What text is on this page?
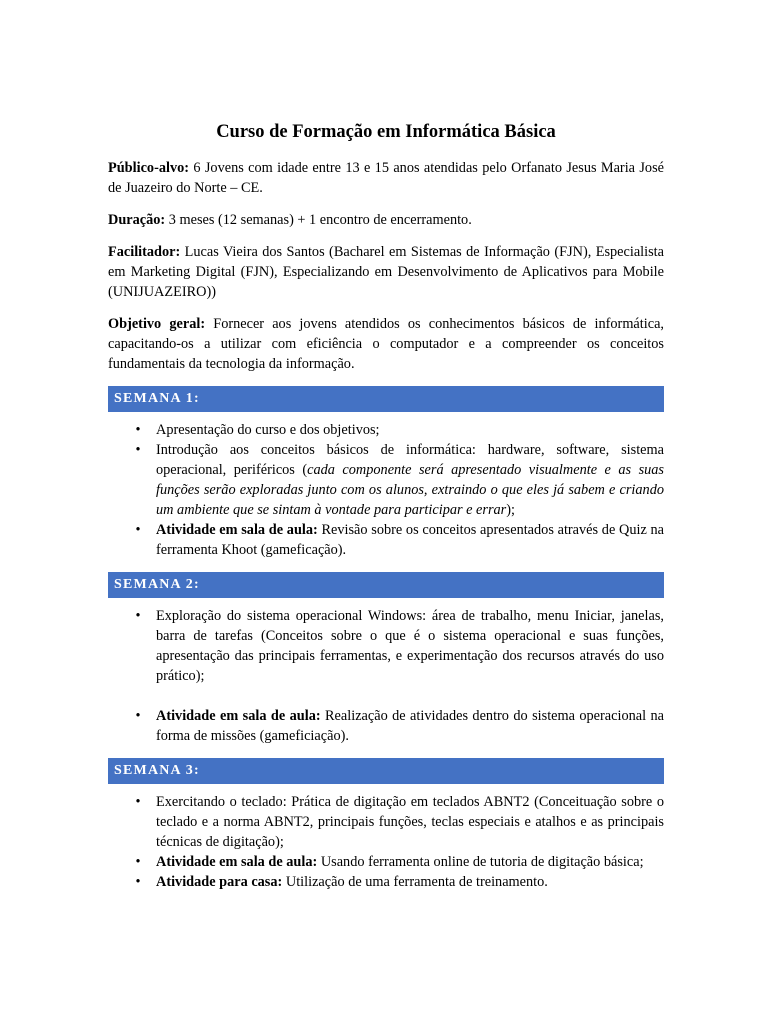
Curso de Formação em Informática Básica

Público-alvo: 6 Jovens com idade entre 13 e 15 anos atendidas pelo Orfanato Jesus Maria José de Juazeiro do Norte – CE.

Duração: 3 meses (12 semanas) + 1 encontro de encerramento.

Facilitador: Lucas Vieira dos Santos (Bacharel em Sistemas de Informação (FJN), Especialista em Marketing Digital (FJN), Especializando em Desenvolvimento de Aplicativos para Mobile (UNIJUAZEIRO))

Objetivo geral: Fornecer aos jovens atendidos os conhecimentos básicos de informática, capacitando-os a utilizar com eficiência o computador e a compreender os conceitos fundamentais da tecnologia da informação.

SEMANA 1:
• Apresentação do curso e dos objetivos;
• Introdução aos conceitos básicos de informática: hardware, software, sistema operacional, periféricos (cada componente será apresentado visualmente e as suas funções serão exploradas junto com os alunos, extraindo o que eles já sabem e criando um ambiente que se sintam à vontade para participar e errar);
• Atividade em sala de aula: Revisão sobre os conceitos apresentados através de Quiz na ferramenta Khoot (gameficação).
SEMANA 2:
• Exploração do sistema operacional Windows: área de trabalho, menu Iniciar, janelas, barra de tarefas (Conceitos sobre o que é o sistema operacional e suas funções, apresentação das principais ferramentas, e experimentação dos recursos através do uso prático);
• Atividade em sala de aula: Realização de atividades dentro do sistema operacional na forma de missões (gameficiação).
SEMANA 3:
• Exercitando o teclado: Prática de digitação em teclados ABNT2 (Conceituação sobre o teclado e a norma ABNT2, principais funções, teclas especiais e atalhos e as principais técnicas de digitação);
• Atividade em sala de aula: Usando ferramenta online de tutoria de digitação básica;
• Atividade para casa: Utilização de uma ferramenta de treinamento.
